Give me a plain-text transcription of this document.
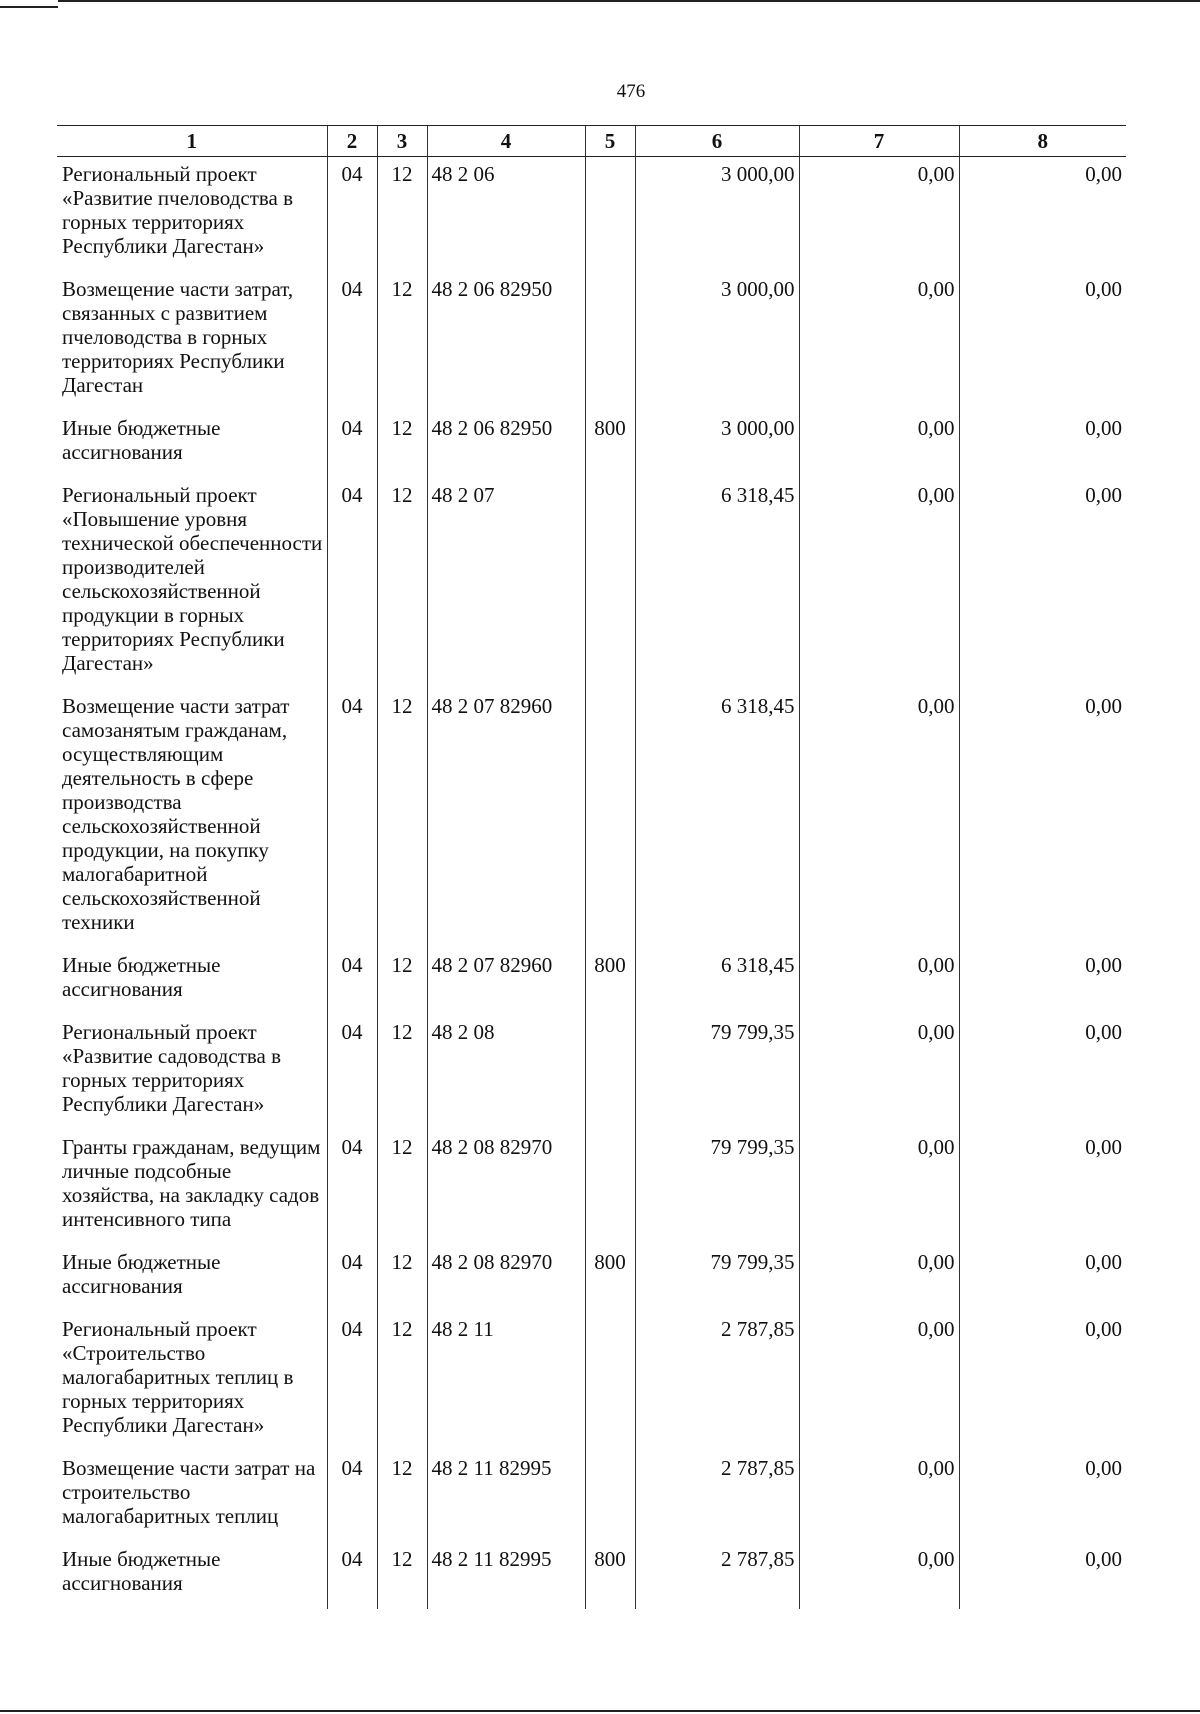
476
1	2	3	4	5	6	7	8
Региональный проект «Развитие пчеловодства в горных территориях Республики Дагестан»	04	12	48 2 06		3 000,00	0,00	0,00
Возмещение части затрат, связанных с развитием пчеловодства в горных территориях Республики Дагестан	04	12	48 2 06 82950		3 000,00	0,00	0,00
Иные бюджетные ассигнования	04	12	48 2 06 82950	800	3 000,00	0,00	0,00
Региональный проект «Повышение уровня технической обеспеченности производителей сельскохозяйственной продукции в горных территориях Республики Дагестан»	04	12	48 2 07		6 318,45	0,00	0,00
Возмещение части затрат самозанятым гражданам, осуществляющим деятельность в сфере производства сельскохозяйственной продукции, на покупку малогабаритной сельскохозяйственной техники	04	12	48 2 07 82960		6 318,45	0,00	0,00
Иные бюджетные ассигнования	04	12	48 2 07 82960	800	6 318,45	0,00	0,00
Региональный проект «Развитие садоводства в горных территориях Республики Дагестан»	04	12	48 2 08		79 799,35	0,00	0,00
Гранты гражданам, ведущим личные подсобные хозяйства, на закладку садов интенсивного типа	04	12	48 2 08 82970		79 799,35	0,00	0,00
Иные бюджетные ассигнования	04	12	48 2 08 82970	800	79 799,35	0,00	0,00
Региональный проект «Строительство малогабаритных теплиц в горных территориях Республики Дагестан»	04	12	48 2 11		2 787,85	0,00	0,00
Возмещение части затрат на строительство малогабаритных теплиц	04	12	48 2 11 82995		2 787,85	0,00	0,00
Иные бюджетные ассигнования	04	12	48 2 11 82995	800	2 787,85	0,00	0,00
